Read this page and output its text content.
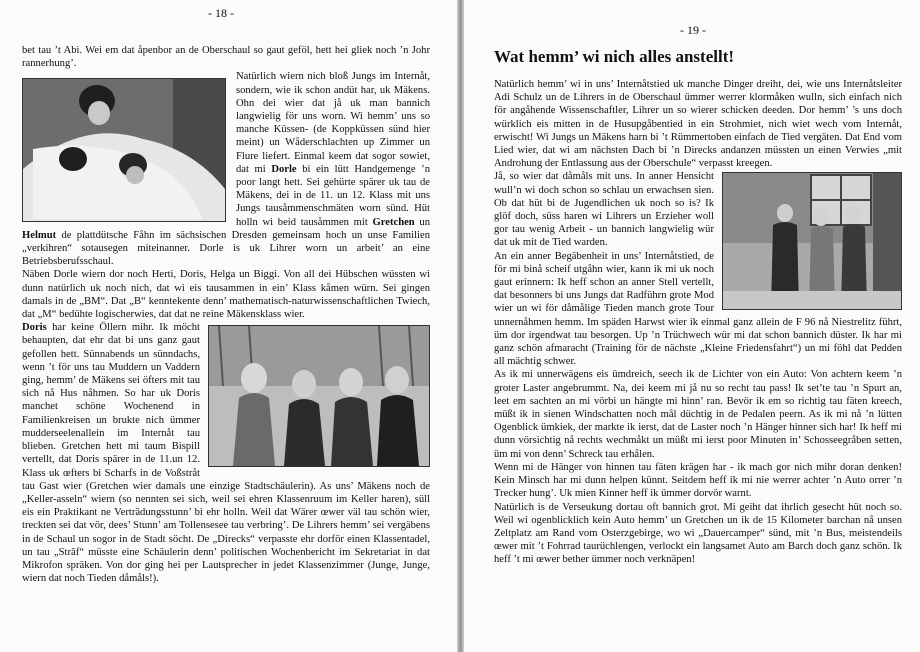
- 18 -

bet tau ’t Abi. Wei em dat åpenbor an de Oberschaul so gaut geföl, hett hei gliek noch ’n Johr rannerhung’.

Natürlich wiern nich bloß Jungs im Internåt, sondern, wie ik schon andüt har, uk Mäkens. Ohn dei wier dat jå uk man bannich langwielig för uns worn. Wi hemm’ uns so manche Küssen- (de Koppküssen sünd hier meint) un Wåderschlachten up Zimmer un Flure liefert. Einmal keem dat sogor sowiet, dat mi Dorle bi ein lütt Handgemenge ’n poor langt hett. Sei gehürte spärer uk tau de Mäkens, dei in de 11. un 12. Klass mit uns Jungs tausåmmenschmäten worn sünd. Hüt holln wi beid tausåmmen mit Gretchen un Helmut de plattdütsche Fåhn im sächsischen Dresden gemeinsam hoch un unse Familien „verkihren“ sotausegen miteinanner. Dorle is uk Lihrer worn un arbeit’ an eine Betriebsberufsschaul.

Näben Dorle wiern dor noch Herti, Doris, Helga un Biggi. Von all dei Hübschen wüssten wi dunn natürlich uk noch nich, dat wi eis tausammen in ein’ Klass kåmen würn. Sei gingen damals in de „BM“. Dat „B“ kenntekente denn’ mathematisch-naturwissenschaftlichen Twiech, dat „M“ bedühte logischerwies, dat dat ne reine Mäkensklass wier.

Doris har keine Öllern mihr. Ik möcht behaupten, dat ehr dat bi uns ganz gaut gefollen hett. Sünnabends un sünndachs, wenn ’t för uns tau Muddern un Vaddern ging, hemm’ de Mäkens sei öfters mit tau sich nå Hus nåhmen. So har uk Doris manchet schöne Wochenend in Familienkreisen un brukte nich ümmer mudderseelenallein im Internåt tau blieben. Gretchen hett mi taum Bispill vertellt, dat Doris spärer in de 11.un 12. Klass uk œfters bi Scharfs in de Voßstråt tau Gast wier (Gretchen wier damals une einzige Stadtschäulerin). As uns’ Mäkens noch de „Keller-asseln“ wiern (so nennten sei sich, weil sei ehren Klassenruum im Keller haren), süll eis ein Praktikant ne Verträdungsstunn’ bi ehr holln. Weil dat Wärer œwer väl tau schön wier, treckten sei dat vör, dees’ Stunn’ am Tollensesee tau verbring’. De Lihrers hemm’ sei vergäbens in de Schaul un sogor in de Stadt söcht. De „Direcks“ verpasste ehr dorför einen Klassentadel, un tau „Strâf“ müsste eine Schäulerin denn’ politischen Wochenbericht im Sekretariat in dat Mikrofon spräken. Von dor ging hei per Lautsprecher in jedet Klassenzimmer (Junge, Junge, wiern dat noch Tieden dåmåls!).

- 19 -
Wat hemm’ wi nich alles anstellt!

Natürlich hemm’ wi in uns’ Internåtstied uk manche Dinger dreiht, dei, wie uns Internåtsleiter Adi Schulz un de Lihrers in de Oberschaul ümmer werrer klormåken wulln, sich einfach nich för angåhende Wissenschaftler, Lihrer un so wierer schicken deeden. Dor hemm’ ’s uns doch würklich eis mitten in de Husupgåbentied in ein Strohmiet, nich wiet wech vom Internåt, erwischt! Wi Jungs un Mäkens harn bi ’t Rümmertoben einfach de Tied vergäten. Dat End vom Lied wier, dat wi am nächsten Dach bi ’n Direcks andanzen müssten un einen Verwies „mit Androhung der Entlassung aus der Oberschule“ verpasst kreegen.

Jå, so wier dat dåmåls mit uns. In anner Hensicht wull’n wi doch schon so schlau un erwachsen sien. Ob dat hüt bi de Jugendlichen uk noch so is? Ik glöf doch, süss haren wi Lihrers un Erzieher woll gor tau wenig Arbeit - un bannich langwielig wür dat uk mit de Tied warden.

An ein anner Begäbenheit in uns’ Internåtstied, de för mi binå scheif utgåhn wier, kann ik mi uk noch gaut erinnern: Ik heff schon an anner Stell vertellt, dat besonners bi uns Jungs dat Radführn grote Mod wier un wi för dåmålige Tieden manch grote Tour unnernåhmen hemm. Im späden Harwst wier ik einmal ganz allein de F 96 nå Niestrelitz führt, üm dor irgendwat tau besorgen. Up ’n Trüchwech wür mi dat schon bannich düster. Ik har mi ganz schön afmaracht (Training för de nächste „Kleine Friedensfahrt“) un mi föhl dat Pedden all mächtig schwer.

As ik mi unnerwägens eis ümdreich, seech ik de Lichter von ein Auto: Von achtern keem ’n groter Laster angebrummt. Na, dei keem mi jå nu so recht tau pass! Ik set’te tau ’n Spurt an, leet em sachten an mi vörbi un hängte mi hinn’ ran. Bevör ik em so richtig tau fäten kreech, müßt ik in sienen Windschatten noch mål düchtig in de Pedalen peern. As ik mi nå ’n lütten Ogenblick ümkiek, der markte ik ierst, dat de Laster noch ’n Hänger hinner sich har! Ik heff mi dunn vörsichtig nå rechts wechmåkt un müßt mi ierst poor Minuten in’ Schosseegråben setten, üm mi von denn’ Schreck tau erhålen.

Wenn mi de Hänger von hinnen tau fäten krägen har - ik mach gor nich mihr doran denken! Kein Minsch har mi dunn helpen künnt. Seitdem heff ik mi nie werrer achter ’n Auto orrer ’n Trecker hung’. Uk mien Kinner heff ik ümmer dorvör warnt.

Natürlich is de Verseukung dortau oft bannich grot. Mi geiht dat ihrlich gesecht hüt noch so. Weil wi ogenblicklich kein Auto hemm’ un Gretchen un ik de 15 Kilometer barchan nå unsen Zeltplatz am Rand vom Osterzgebirge, wo wi „Dauercamper“ sünd, mit ’n Bus, meistendeils œwer mit ’t Fohrrad taurüchlengen, verlockt ein langsamet Auto am Barch doch ganz schön. Ik heff ’t mi œwer bether ümmer noch verknäpen!
